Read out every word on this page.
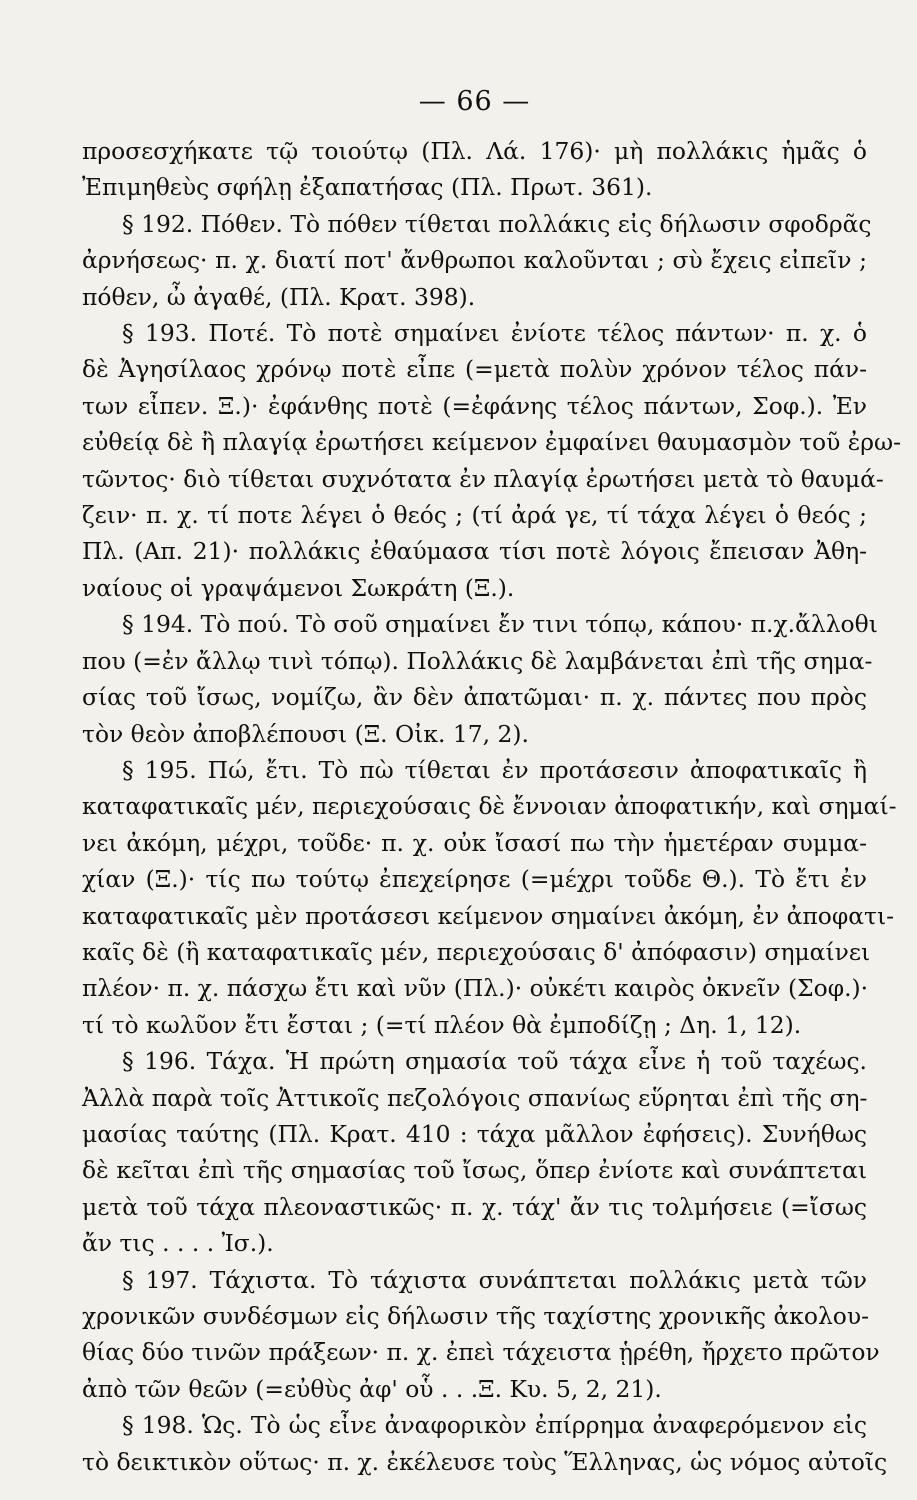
— 66 —
προσεσχήκατε τῷ τοιούτῳ (Πλ. Λά. 176)· μὴ πολλάκις ἡμᾶς ὁ
Ἐπιμηθεὺς σφήλῃ ἐξαπατήσας (Πλ. Πρωτ. 361).
§ 192. Πόθεν. Τὸ πόθεν τίθεται πολλάκις εἰς δήλωσιν σφοδρᾶς
ἀρνήσεως· π. χ. διατί ποτ' ἄνθρωποι καλοῦνται ; σὺ ἔχεις εἰπεῖν ;
πόθεν, ὦ ἀγαθέ, (Πλ. Κρατ. 398).
§ 193. Ποτέ. Τὸ ποτὲ σημαίνει ἐνίοτε τέλος πάντων· π. χ. ὁ
δὲ Ἀγησίλαος χρόνῳ ποτὲ εἶπε (=μετὰ πολὺν χρόνον τέλος πάν-
των εἶπεν. Ξ.)· ἐφάνθης ποτὲ (=ἐφάνης τέλος πάντων, Σοφ.). Ἐν
εὐθείᾳ δὲ ἢ πλαγίᾳ ἐρωτήσει κείμενον ἐμφαίνει θαυμασμὸν τοῦ ἐρω-
τῶντος· διὸ τίθεται συχνότατα ἐν πλαγίᾳ ἐρωτήσει μετὰ τὸ θαυμά-
ζειν· π. χ. τί ποτε λέγει ὁ θεός ; (τί ἀρά γε, τί τάχα λέγει ὁ θεός ;
Πλ. (Απ. 21)· πολλάκις ἐθαύμασα τίσι ποτὲ λόγοις ἔπεισαν Ἀθη-
ναίους οἱ γραψάμενοι Σωκράτη (Ξ.).
§ 194. Τὸ πού. Τὸ σοῦ σημαίνει ἔν τινι τόπῳ, κάπου· π.χ.ἄλλοθι
που (=ἐν ἄλλῳ τινὶ τόπῳ). Πολλάκις δὲ λαμβάνεται ἐπὶ τῆς σημα-
σίας τοῦ ἴσως, νομίζω, ἂν δὲν ἀπατῶμαι· π. χ. πάντες που πρὸς
τὸν θεὸν ἀποβλέπουσι (Ξ. Οἰκ. 17, 2).
§ 195. Πώ, ἔτι. Τὸ πὼ τίθεται ἐν προτάσεσιν ἀποφατικαῖς ἢ
καταφατικαῖς μέν, περιεχούσαις δὲ ἔννοιαν ἀποφατικήν, καὶ σημαί-
νει ἀκόμη, μέχρι, τοῦδε· π. χ. οὐκ ἴσασί πω τὴν ἡμετέραν συμμα-
χίαν (Ξ.)· τίς πω τούτῳ ἐπεχείρησε (=μέχρι τοῦδε Θ.). Τὸ ἔτι ἐν
καταφατικαῖς μὲν προτάσεσι κείμενον σημαίνει ἀκόμη, ἐν ἀποφατι-
καῖς δὲ (ἢ καταφατικαῖς μέν, περιεχούσαις δ' ἀπόφασιν) σημαίνει
πλέον· π. χ. πάσχω ἔτι καὶ νῦν (Πλ.)· οὐκέτι καιρὸς ὀκνεῖν (Σοφ.)·
τί τὸ κωλῦον ἔτι ἔσται ; (=τί πλέον θὰ ἐμποδίζῃ ; Δη. 1, 12).
§ 196. Τάχα. Ἡ πρώτη σημασία τοῦ τάχα εἶνε ἡ τοῦ ταχέως.
Ἀλλὰ παρὰ τοῖς Ἀττικοῖς πεζολόγοις σπανίως εὕρηται ἐπὶ τῆς ση-
μασίας ταύτης (Πλ. Κρατ. 410 : τάχα μᾶλλον ἐφήσεις). Συνήθως
δὲ κεῖται ἐπὶ τῆς σημασίας τοῦ ἴσως, ὅπερ ἐνίοτε καὶ συνάπτεται
μετὰ τοῦ τάχα πλεοναστικῶς· π. χ. τάχ' ἄν τις τολμήσειε (=ἴσως
ἄν τις . . . . Ἰσ.).
§ 197. Τάχιστα. Τὸ τάχιστα συνάπτεται πολλάκις μετὰ τῶν
χρονικῶν συνδέσμων εἰς δήλωσιν τῆς ταχίστης χρονικῆς ἀκολου-
θίας δύο τινῶν πράξεων· π. χ. ἐπεὶ τάχειστα ᾑρέθη, ἤρχετο πρῶτον
ἀπὸ τῶν θεῶν (=εὐθὺς ἀφ' οὗ . . .Ξ. Κυ. 5, 2, 21).
§ 198. Ὡς. Τὸ ὡς εἶνε ἀναφορικὸν ἐπίρρημα ἀναφερόμενον εἰς
τὸ δεικτικὸν οὕτως· π. χ. ἐκέλευσε τοὺς Ἕλληνας, ὡς νόμος αὐτοῖς
